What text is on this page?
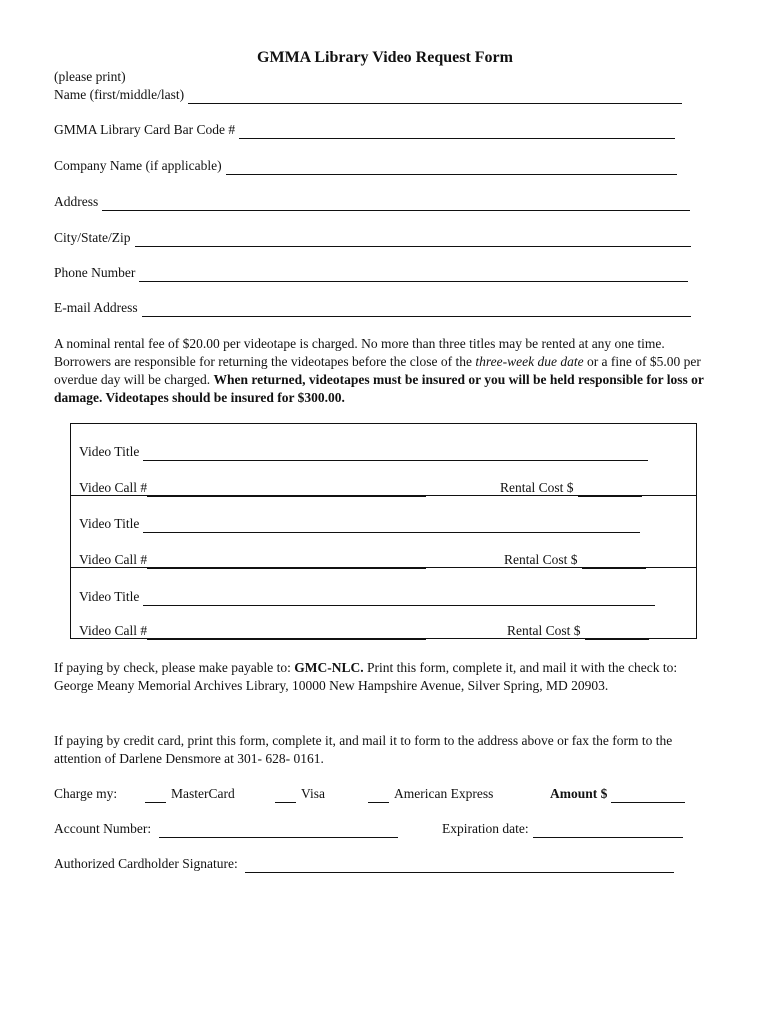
GMMA Library Video Request Form
(please print)
Name (first/middle/last)
GMMA Library Card Bar Code #
Company Name (if applicable)
Address
City/State/Zip
Phone Number
E-mail Address
A nominal rental fee of $20.00 per videotape is charged. No more than three titles may be rented at any one time. Borrowers are responsible for returning the videotapes before the close of the three-week due date or a fine of $5.00 per overdue day will be charged. When returned, videotapes must be insured or you will be held responsible for loss or damage. Videotapes should be insured for $300.00.
Video Title
Video Call #	Rental Cost $
Video Title
Video Call #	Rental Cost $
Video Title
Video Call #	Rental Cost $
If paying by check, please make payable to: GMC-NLC. Print this form, complete it, and mail it with the check to: George Meany Memorial Archives Library, 10000 New Hampshire Avenue, Silver Spring, MD 20903.
If paying by credit card, print this form, complete it, and mail it to form to the address above or fax the form to the attention of Darlene Densmore at 301- 628- 0161.
Charge my:	MasterCard	Visa	American Express	Amount $
Account Number:	Expiration date:
Authorized Cardholder Signature:
